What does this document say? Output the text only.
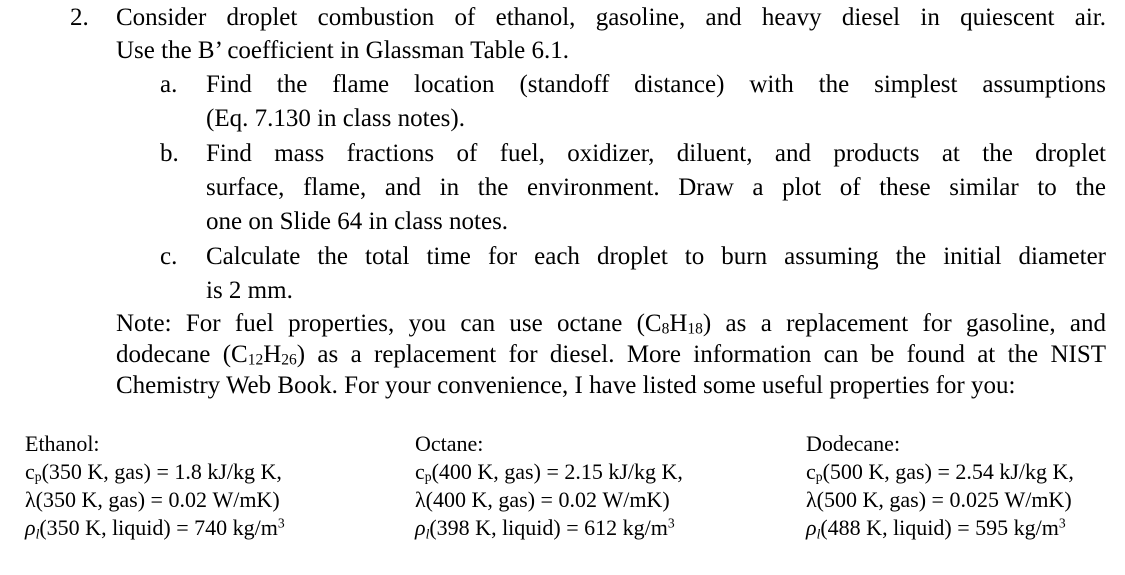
2. Consider droplet combustion of ethanol, gasoline, and heavy diesel in quiescent air.
Use the B’ coefficient in Glassman Table 6.1.
a. Find the flame location (standoff distance) with the simplest assumptions
(Eq. 7.130 in class notes).
b. Find mass fractions of fuel, oxidizer, diluent, and products at the droplet
surface, flame, and in the environment. Draw a plot of these similar to the
one on Slide 64 in class notes.
c. Calculate the total time for each droplet to burn assuming the initial diameter
is 2 mm.
Note: For fuel properties, you can use octane (C8H18) as a replacement for gasoline, and
dodecane (C12H26) as a replacement for diesel. More information can be found at the NIST
Chemistry Web Book. For your convenience, I have listed some useful properties for you:
Ethanol:
cp(350 K, gas) = 1.8 kJ/kg K,
λ(350 K, gas) = 0.02 W/mK)
ρl(350 K, liquid) = 740 $kg/m^3$
Octane:
cp(400 K, gas) = 2.15 kJ/kg K,
λ(400 K, gas) = 0.02 W/mK)
ρl(398 K, liquid) = 612 $kg/m^3$
Dodecane:
cp(500 K, gas) = 2.54 kJ/kg K,
λ(500 K, gas) = 0.025 W/mK)
ρl(488 K, liquid) = 595 $kg/m^3$
